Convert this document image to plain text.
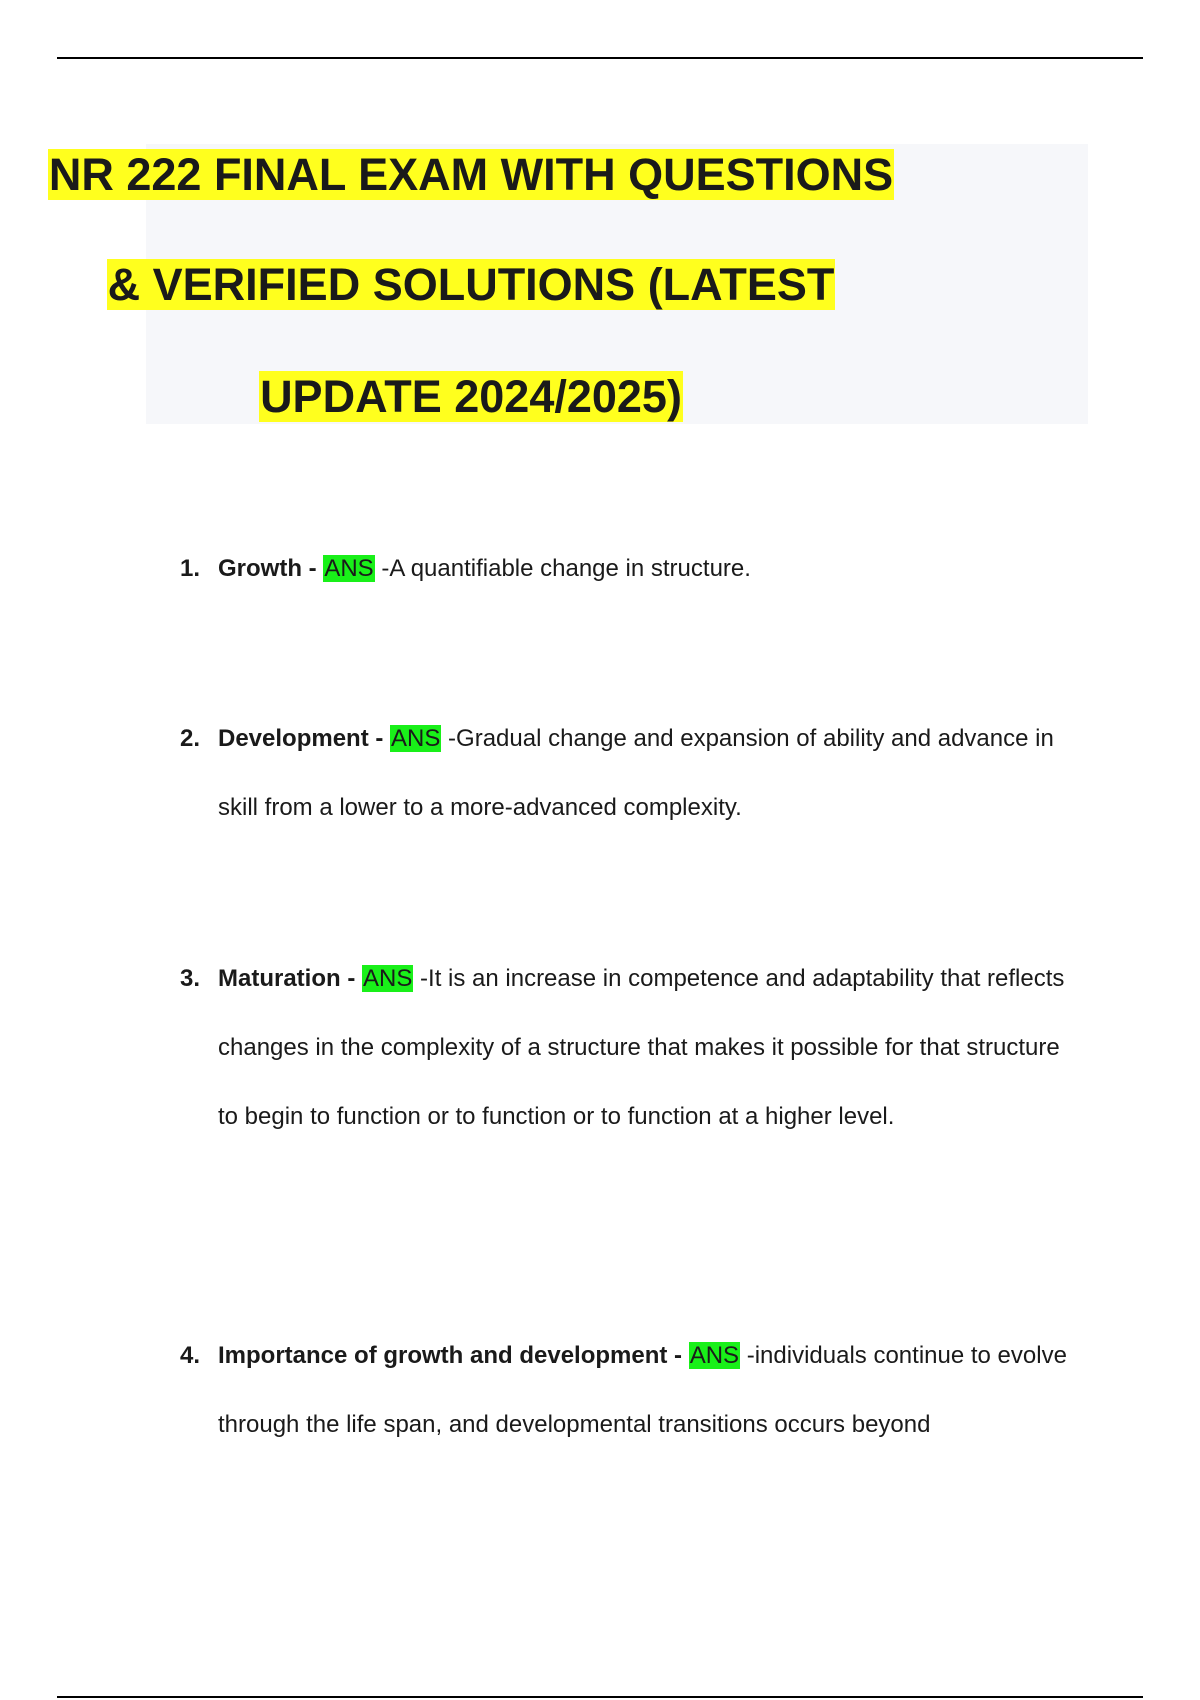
NR 222 FINAL EXAM WITH QUESTIONS
& VERIFIED SOLUTIONS (LATEST
UPDATE 2024/2025)
1. Growth - ANS -A quantifiable change in structure.
2. Development - ANS -Gradual change and expansion of ability and advance in skill from a lower to a more-advanced complexity.
3. Maturation - ANS -It is an increase in competence and adaptability that reflects changes in the complexity of a structure that makes it possible for that structure to begin to function or to function or to function at a higher level.
4. Importance of growth and development - ANS -individuals continue to evolve through the life span, and developmental transitions occurs beyond
